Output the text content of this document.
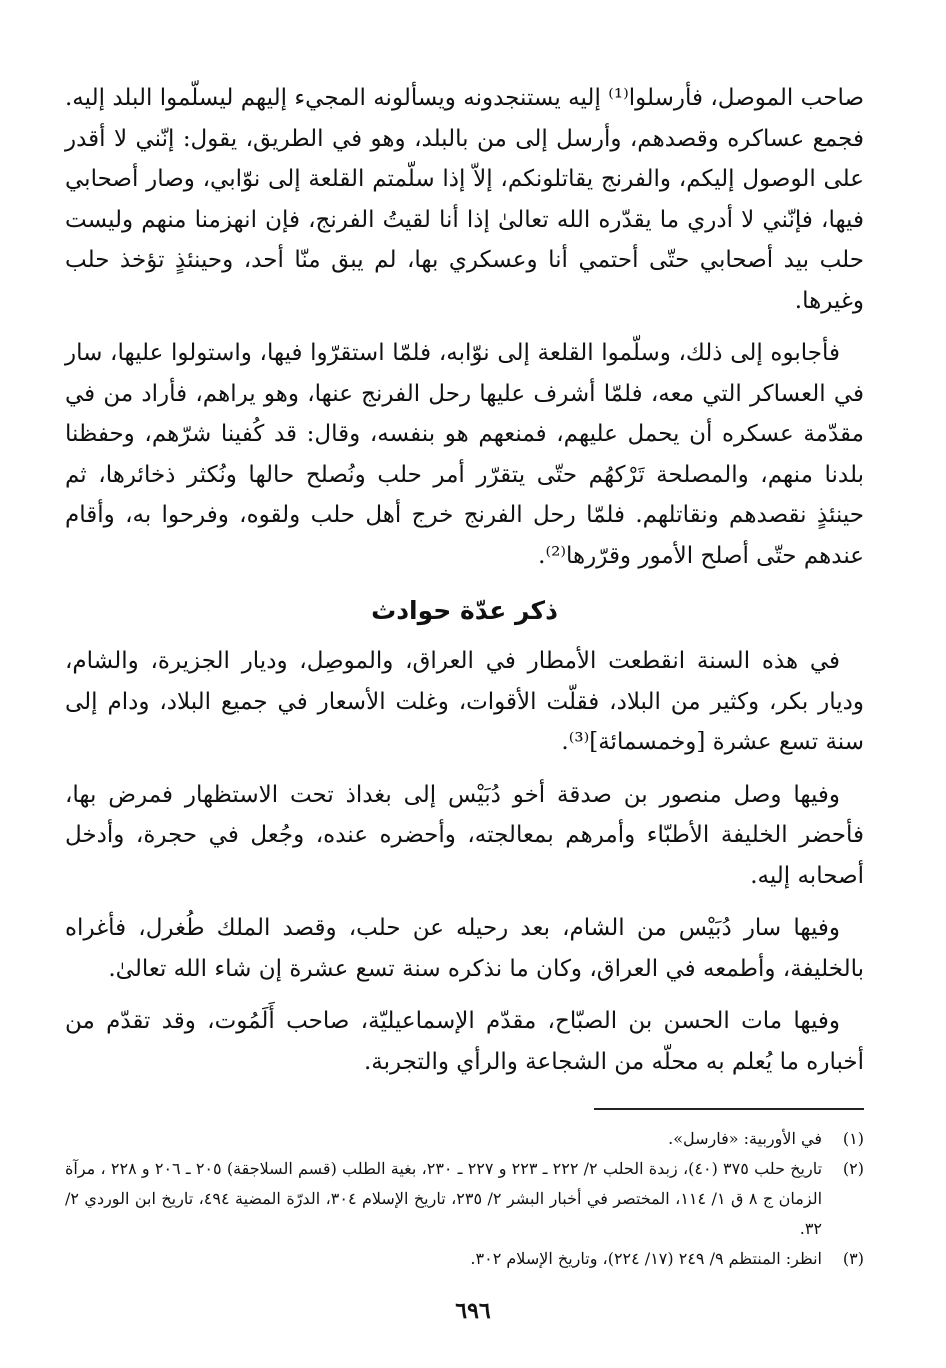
صاحب الموصل، فأرسلوا⁽¹⁾ إليه يستنجدونه ويسألونه المجيء إليهم ليسلّموا البلد إليه. فجمع عساكره وقصدهم، وأرسل إلى من بالبلد، وهو في الطريق، يقول: إنّني لا أقدر على الوصول إليكم، والفرنج يقاتلونكم، إلاّ إذا سلّمتم القلعة إلى نوّابي، وصار أصحابي فيها، فإنّني لا أدري ما يقدّره الله تعالىٰ إذا أنا لقيتُ الفرنج، فإن انهزمنا منهم وليست حلب بيد أصحابي حتّى أحتمي أنا وعسكري بها، لم يبق منّا أحد، وحينئذٍ تؤخذ حلب وغيرها.

فأجابوه إلى ذلك، وسلّموا القلعة إلى نوّابه، فلمّا استقرّوا فيها، واستولوا عليها، سار في العساكر التي معه، فلمّا أشرف عليها رحل الفرنج عنها، وهو يراهم، فأراد من في مقدّمة عسكره أن يحمل عليهم، فمنعهم هو بنفسه، وقال: قد كُفينا شرّهم، وحفظنا بلدنا منهم، والمصلحة تَرْكهُم حتّى يتقرّر أمر حلب ونُصلح حالها ونُكثر ذخائرها، ثم حينئذٍ نقصدهم ونقاتلهم. فلمّا رحل الفرنج خرج أهل حلب ولقوه، وفرحوا به، وأقام عندهم حتّى أصلح الأمور وقرّرها⁽²⁾.

ذكر عدّة حوادث

في هذه السنة انقطعت الأمطار في العراق، والموصِل، وديار الجزيرة، والشام، وديار بكر، وكثير من البلاد، فقلّت الأقوات، وغلت الأسعار في جميع البلاد، ودام إلى سنة تسع عشرة [وخمسمائة]⁽³⁾.

وفيها وصل منصور بن صدقة أخو دُبَيْس إلى بغداذ تحت الاستظهار فمرض بها، فأحضر الخليفة الأطبّاء وأمرهم بمعالجته، وأحضره عنده، وجُعل في حجرة، وأدخل أصحابه إليه.

وفيها سار دُبَيْس من الشام، بعد رحيله عن حلب، وقصد الملك طُغرل، فأغراه بالخليفة، وأطمعه في العراق، وكان ما نذكره سنة تسع عشرة إن شاء الله تعالىٰ.

وفيها مات الحسن بن الصبّاح، مقدّم الإسماعيليّة، صاحب أَلَمُوت، وقد تقدّم من أخباره ما يُعلم به محلّه من الشجاعة والرأي والتجربة.

(١)
في الأوربية: «فارسل».
(٢)
تاريخ حلب ٣٧٥ (٤٠)، زبدة الحلب ٢/ ٢٢٢ ـ ٢٢٣ و ٢٢٧ ـ ٢٣٠، بغية الطلب (قسم السلاجقة) ٢٠٥ ـ ٢٠٦ و ٢٢٨ ، مرآة الزمان ج ٨ ق ١/ ١١٤، المختصر في أخبار البشر ٢/ ٢٣٥، تاريخ الإسلام ٣٠٤، الدرّة المضية ٤٩٤، تاريخ ابن الوردي ٢/ ٣٢.
(٣)
انظر: المنتظم ٩/ ٢٤٩ (١٧/ ٢٢٤)، وتاريخ الإسلام ٣٠٢.
٦٩٦
